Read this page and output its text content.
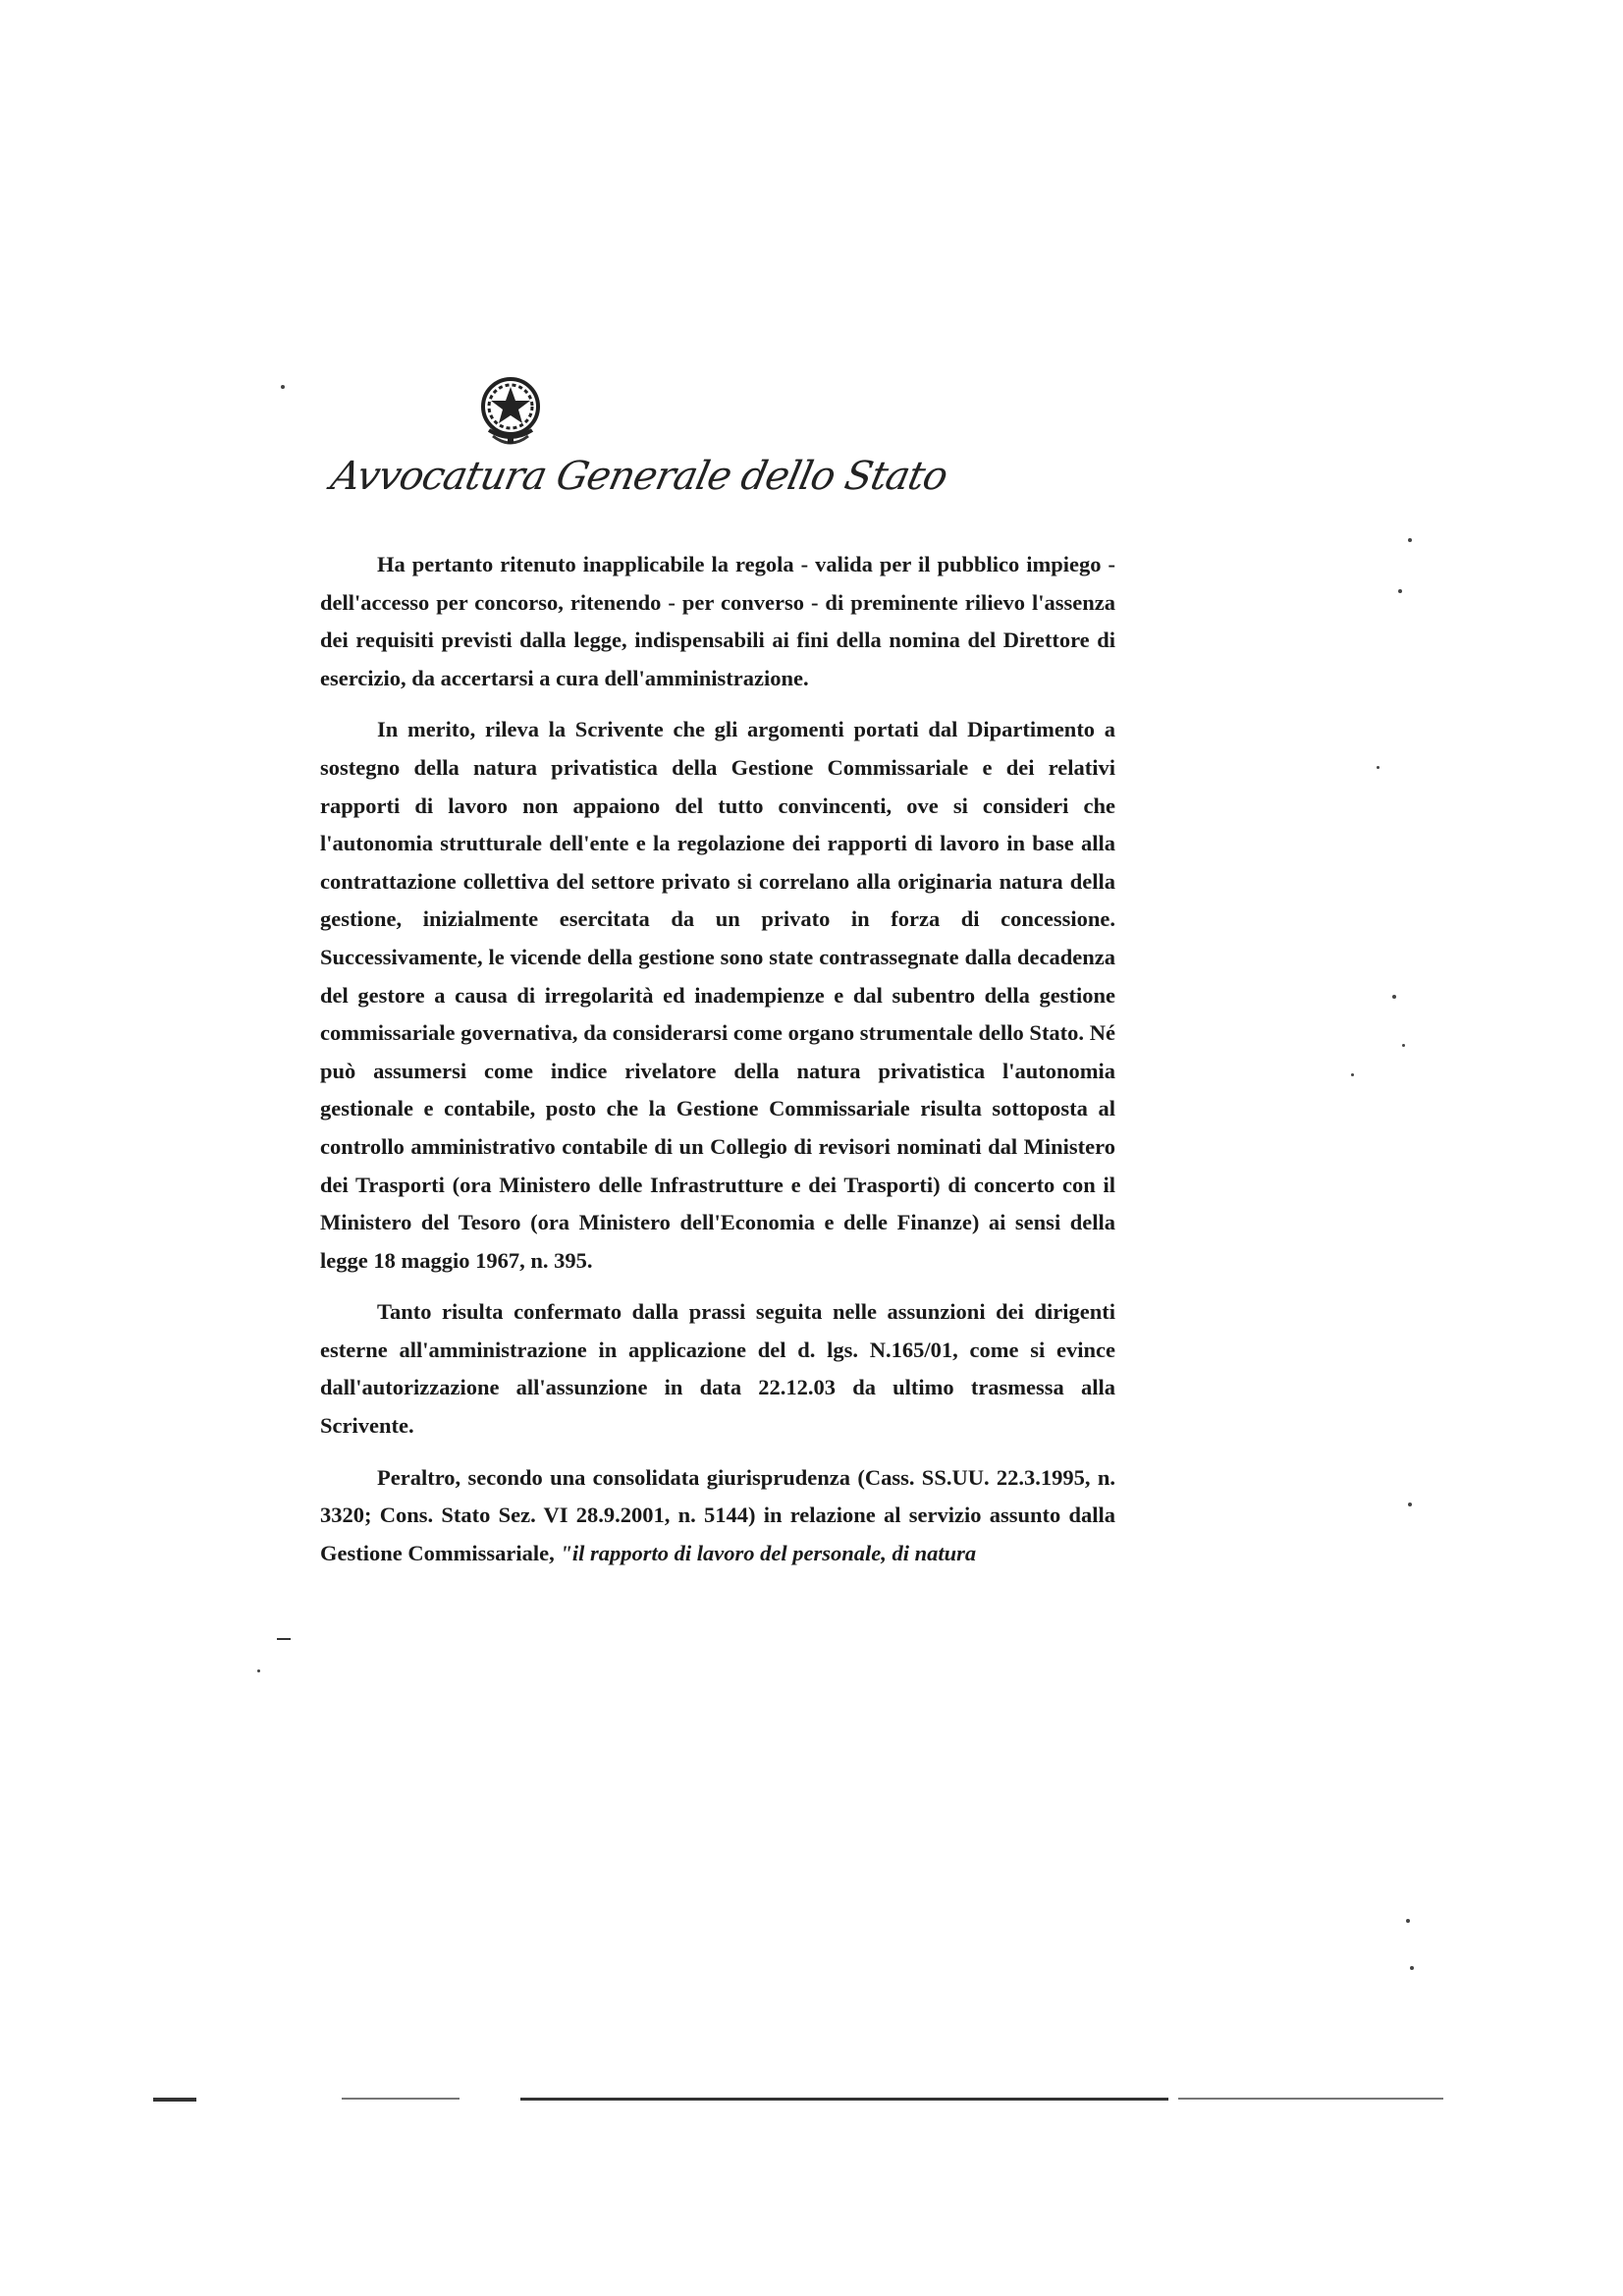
Avvocatura Generale dello Stato

Ha pertanto ritenuto inapplicabile la regola - valida per il pubblico impiego - dell'accesso per concorso, ritenendo - per converso - di preminente rilievo l'assenza dei requisiti previsti dalla legge, indispensabili ai fini della nomina del Direttore di esercizio, da accertarsi a cura dell'amministrazione.

In merito, rileva la Scrivente che gli argomenti portati dal Dipartimento a sostegno della natura privatistica della Gestione Commissariale e dei relativi rapporti di lavoro non appaiono del tutto convincenti, ove si consideri che l'autonomia strutturale dell'ente e la regolazione dei rapporti di lavoro in base alla contrattazione collettiva del settore privato si correlano alla originaria natura della gestione, inizialmente esercitata da un privato in forza di concessione. Successivamente, le vicende della gestione sono state contrassegnate dalla decadenza del gestore a causa di irregolarità ed inadempienze e dal subentro della gestione commissariale governativa, da considerarsi come organo strumentale dello Stato. Né può assumersi come indice rivelatore della natura privatistica l'autonomia gestionale e contabile, posto che la Gestione Commissariale risulta sottoposta al controllo amministrativo contabile di un Collegio di revisori nominati dal Ministero dei Trasporti (ora Ministero delle Infrastrutture e dei Trasporti) di concerto con il Ministero del Tesoro (ora Ministero dell'Economia e delle Finanze) ai sensi della legge 18 maggio 1967, n. 395.

Tanto risulta confermato dalla prassi seguita nelle assunzioni dei dirigenti esterne all'amministrazione in applicazione del d. lgs. N.165/01, come si evince dall'autorizzazione all'assunzione in data 22.12.03 da ultimo trasmessa alla Scrivente.

Peraltro, secondo una consolidata giurisprudenza (Cass. SS.UU. 22.3.1995, n. 3320; Cons. Stato Sez. VI 28.9.2001, n. 5144) in relazione al servizio assunto dalla Gestione Commissariale, "il rapporto di lavoro del personale, di natura
